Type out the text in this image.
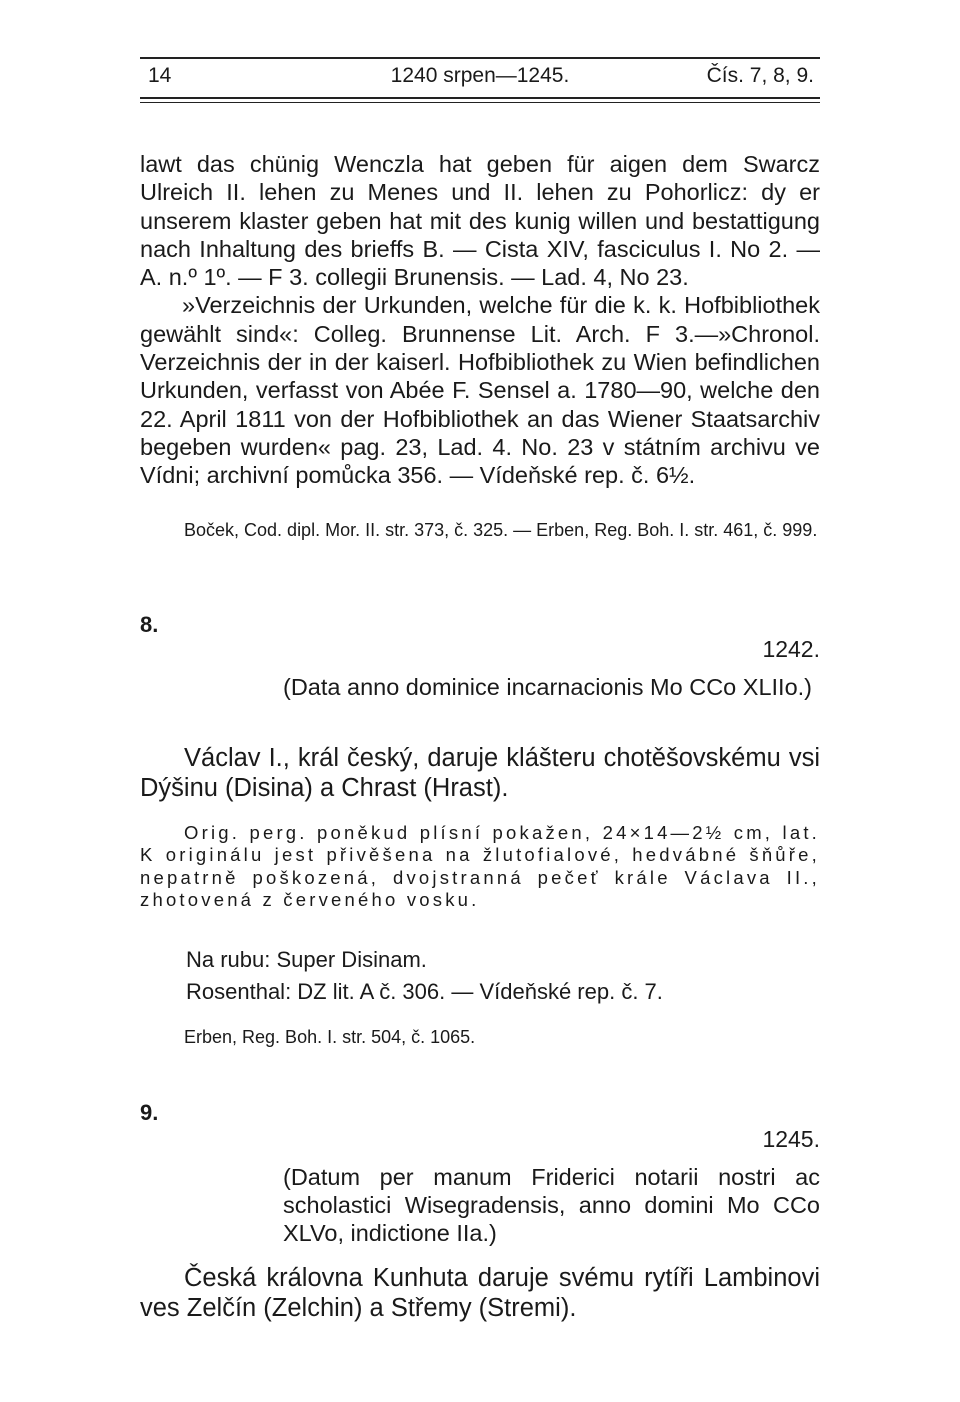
14	1240 srpen—1245.	Čís. 7, 8, 9.

lawt das chünig Wenczla hat geben für aigen dem Swarcz Ulreich II. lehen zu Menes und II. lehen zu Pohorlicz: dy er unserem klaster geben hat mit des kunig willen und bestattigung nach Inhaltung des brieffs B. — Cista XIV, fasciculus I. No 2. — A. n.º 1º. — F 3. collegii Brunensis. — Lad. 4, No 23.

»Verzeichnis der Urkunden, welche für die k. k. Hofbibliothek gewählt sind«: Colleg. Brunnense Lit. Arch. F 3.—»Chronol. Verzeichnis der in der kaiserl. Hofbibliothek zu Wien befindlichen Urkunden, verfasst von Abée F. Sensel a. 1780—90, welche den 22. April 1811 von der Hofbibliothek an das Wiener Staatsarchiv begeben wurden« pag. 23, Lad. 4. No. 23 v státním archivu ve Vídni; archivní pomůcka 356. — Vídeňské rep. č. 6½.

Boček, Cod. dipl. Mor. II. str. 373, č. 325. — Erben, Reg. Boh. I. str. 461, č. 999.

8.
1242.

(Data anno dominice incarnacionis Mo CCo XLIIo.)

Václav I., král český, daruje klášteru chotěšovskému vsi Dýšinu (Disina) a Chrast (Hrast).

Orig. perg. poněkud plísní pokažen, 24×14—2½ cm, lat. K originálu jest přivěšena na žlutofialové, hedvábné šňůře, nepatrně poškozená, dvojstranná pečeť krále Václava II., zhotovená z červeného vosku.

Na rubu: Super Disinam.

Rosenthal: DZ lit. A č. 306. — Vídeňské rep. č. 7.

Erben, Reg. Boh. I. str. 504, č. 1065.

9.
1245.

(Datum per manum Friderici notarii nostri ac scholastici Wisegradensis, anno domini Mo CCo XLVo, indictione IIa.)

Česká královna Kunhuta daruje svému rytíři Lambinovi ves Zelčín (Zelchin) a Střemy (Stremi).
